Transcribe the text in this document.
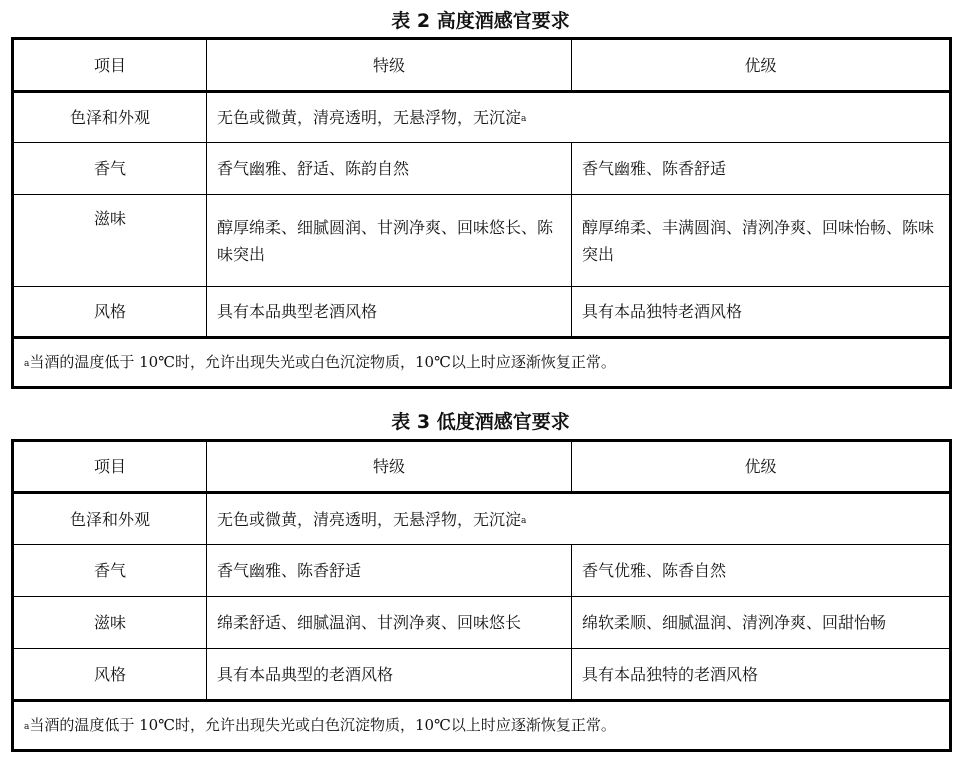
表 2 高度酒感官要求
项目	特级	优级
色泽和外观	无色或微黄，清亮透明，无悬浮物，无沉淀$^a$
香气	香气幽雅、舒适、陈韵自然	香气幽雅、陈香舒适
滋味	醇厚绵柔、细腻圆润、甘洌净爽、回味悠长、陈味突出	醇厚绵柔、丰满圆润、清洌净爽、回味怡畅、陈味突出
风格	具有本品典型老酒风格	具有本品独特老酒风格
$^a$当酒的温度低于 10℃时，允许出现失光或白色沉淀物质，10℃以上时应逐渐恢复正常。		
表 3 低度酒感官要求
项目	特级	优级
色泽和外观	无色或微黄，清亮透明，无悬浮物，无沉淀$^a$
香气	香气幽雅、陈香舒适	香气优雅、陈香自然
滋味	绵柔舒适、细腻温润、甘洌净爽、回味悠长	绵软柔顺、细腻温润、清洌净爽、回甜怡畅
风格	具有本品典型的老酒风格	具有本品独特的老酒风格
$^a$当酒的温度低于 10℃时，允许出现失光或白色沉淀物质，10℃以上时应逐渐恢复正常。		
